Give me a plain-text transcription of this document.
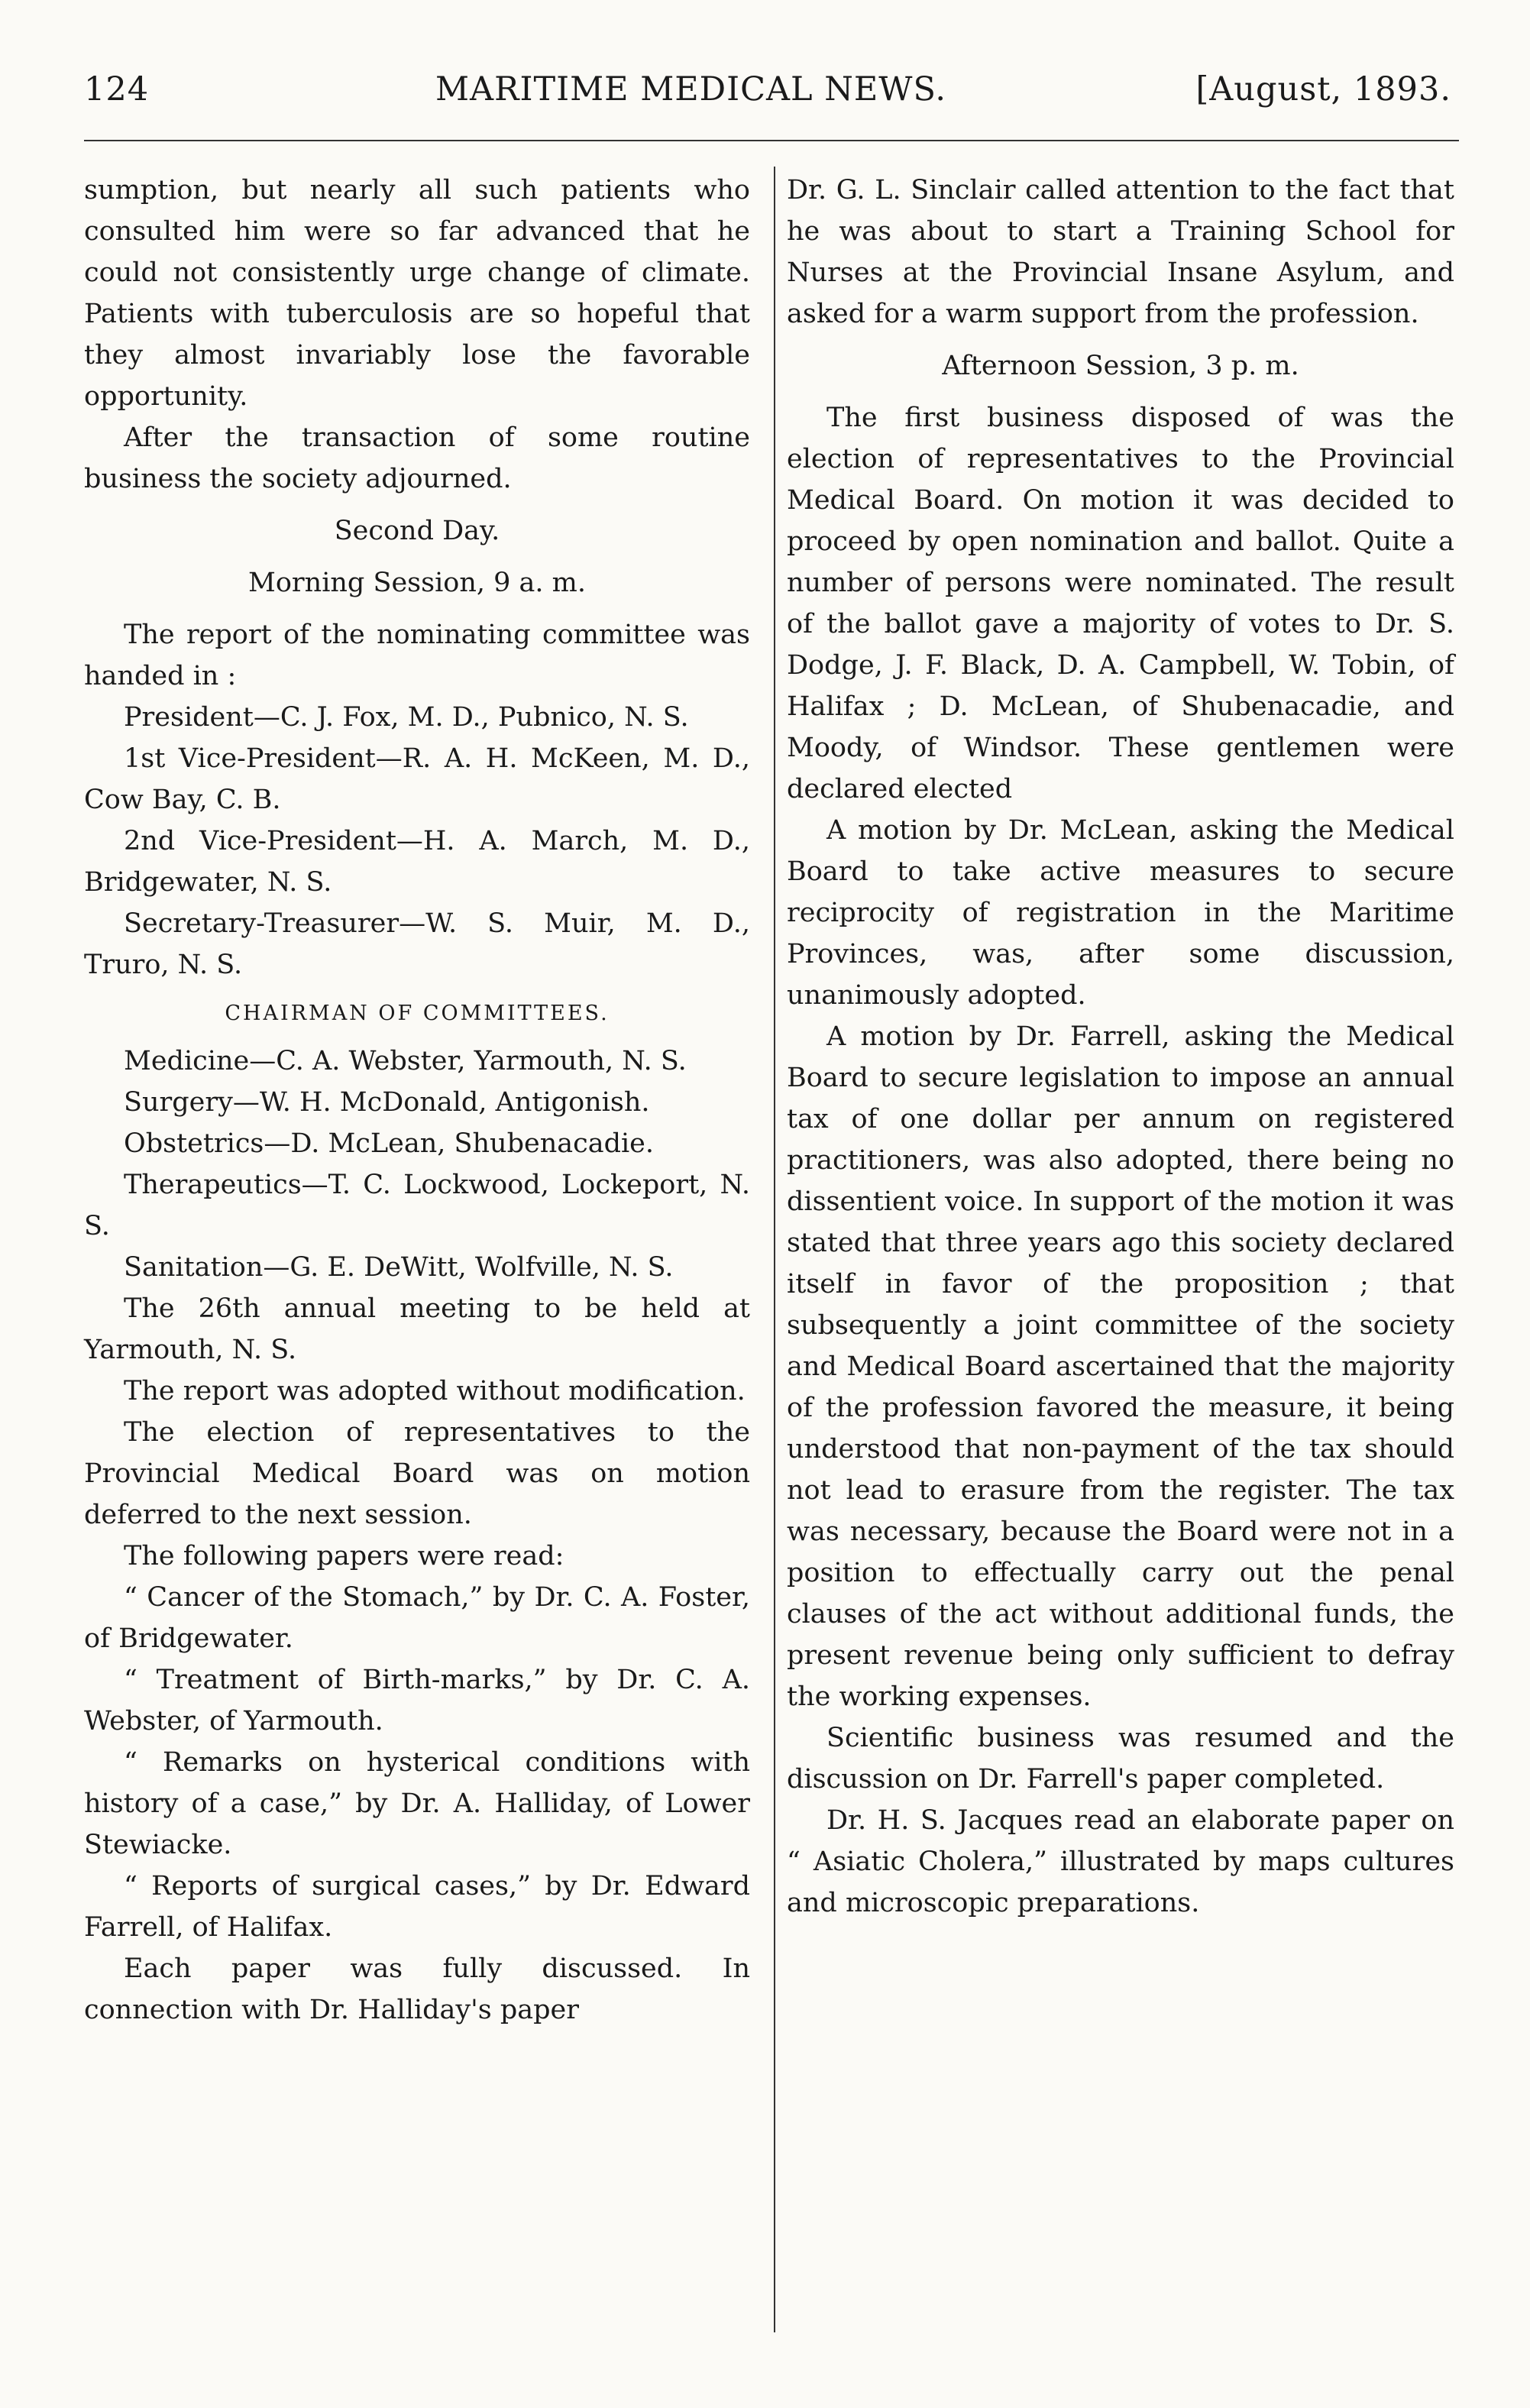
124	MARITIME MEDICAL NEWS.	[August, 1893.

sumption, but nearly all such patients who consulted him were so far advanced that he could not consistently urge change of climate. Patients with tuberculosis are so hopeful that they almost invariably lose the favorable opportunity.

After the transaction of some routine business the society adjourned.

Second Day.

Morning Session, 9 a. m.

The report of the nominating committee was handed in :

President—C. J. Fox, M. D., Pubnico, N. S.

1st Vice-President—R. A. H. McKeen, M. D., Cow Bay, C. B.

2nd Vice-President—H. A. March, M. D., Bridgewater, N. S.

Secretary-Treasurer—W. S. Muir, M. D., Truro, N. S.

CHAIRMAN OF COMMITTEES.

Medicine—C. A. Webster, Yarmouth, N. S.

Surgery—W. H. McDonald, Antigonish.

Obstetrics—D. McLean, Shubenacadie.

Therapeutics—T. C. Lockwood, Lockeport, N. S.

Sanitation—G. E. DeWitt, Wolfville, N. S.

The 26th annual meeting to be held at Yarmouth, N. S.

The report was adopted without modification.

The election of representatives to the Provincial Medical Board was on motion deferred to the next session.

The following papers were read:

“ Cancer of the Stomach,” by Dr. C. A. Foster, of Bridgewater.

“ Treatment of Birth-marks,” by Dr. C. A. Webster, of Yarmouth.

“ Remarks on hysterical conditions with history of a case,” by Dr. A. Halliday, of Lower Stewiacke.

“ Reports of surgical cases,” by Dr. Edward Farrell, of Halifax.

Each paper was fully discussed. In connection with Dr. Halliday's paper

Dr. G. L. Sinclair called attention to the fact that he was about to start a Training School for Nurses at the Provincial Insane Asylum, and asked for a warm support from the profession.

Afternoon Session, 3 p. m.

The first business disposed of was the election of representatives to the Provincial Medical Board. On motion it was decided to proceed by open nomination and ballot. Quite a number of persons were nominated. The result of the ballot gave a majority of votes to Dr. S. Dodge, J. F. Black, D. A. Campbell, W. Tobin, of Halifax ; D. McLean, of Shubenacadie, and Moody, of Windsor. These gentlemen were declared elected

A motion by Dr. McLean, asking the Medical Board to take active measures to secure reciprocity of registration in the Maritime Provinces, was, after some discussion, unanimously adopted.

A motion by Dr. Farrell, asking the Medical Board to secure legislation to impose an annual tax of one dollar per annum on registered practitioners, was also adopted, there being no dissentient voice. In support of the motion it was stated that three years ago this society declared itself in favor of the proposition ; that subsequently a joint committee of the society and Medical Board ascertained that the majority of the profession favored the measure, it being understood that non-payment of the tax should not lead to erasure from the register. The tax was necessary, because the Board were not in a position to effectually carry out the penal clauses of the act without additional funds, the present revenue being only sufficient to defray the working expenses.

Scientific business was resumed and the discussion on Dr. Farrell's paper completed.

Dr. H. S. Jacques read an elaborate paper on “ Asiatic Cholera,” illustrated by maps cultures and microscopic preparations.
